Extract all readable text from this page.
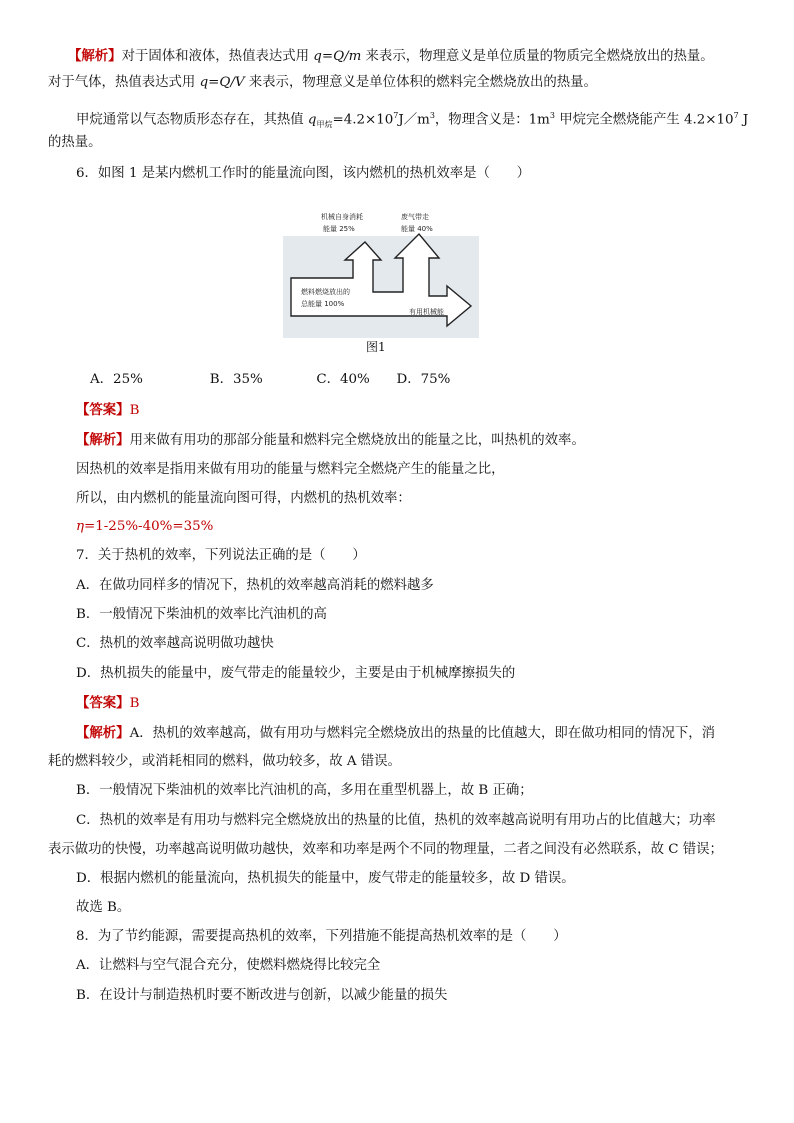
【解析】对于固体和液体，热值表达式用 q=Q/m 来表示，物理意义是单位质量的物质完全燃烧放出的热量。
对于气体，热值表达式用 q=Q/V 来表示，物理意义是单位体积的燃料完全燃烧放出的热量。
甲烷通常以气态物质形态存在，其热值 $q_{甲烷}=4.2\times 10^7J/m^3$，物理含义是：$1m^3$ 甲烷完全燃烧能产生 $4.2\times 10^7$ J
的热量。
6．如图 1 是某内燃机工作时的能量流向图，该内燃机的热机效率是（　　）
燃料燃烧放出的
总能量 100%
有用机械能
机械自身消耗
能量 25%
废气带走
能量 40%
图1
A．25%　　　　　B．35%　　　　C．40%　　D．75%
【答案】B
【解析】用来做有用功的那部分能量和燃料完全燃烧放出的能量之比，叫热机的效率。
因热机的效率是指用来做有用功的能量与燃料完全燃烧产生的能量之比，
所以，由内燃机的能量流向图可得，内燃机的热机效率：
η=1-25%-40%=35%
7．关于热机的效率，下列说法正确的是（　　）
A．在做功同样多的情况下，热机的效率越高消耗的燃料越多
B．一般情况下柴油机的效率比汽油机的高
C．热机的效率越高说明做功越快
D．热机损失的能量中，废气带走的能量较少，主要是由于机械摩擦损失的
【答案】B
【解析】A．热机的效率越高，做有用功与燃料完全燃烧放出的热量的比值越大，即在做功相同的情况下，消
耗的燃料较少，或消耗相同的燃料，做功较多，故 A 错误。
B．一般情况下柴油机的效率比汽油机的高，多用在重型机器上，故 B 正确；
C．热机的效率是有用功与燃料完全燃烧放出的热量的比值，热机的效率越高说明有用功占的比值越大；功率
表示做功的快慢，功率越高说明做功越快，效率和功率是两个不同的物理量，二者之间没有必然联系，故 C 错误；
D．根据内燃机的能量流向，热机损失的能量中，废气带走的能量较多，故 D 错误。
故选 B。
8．为了节约能源，需要提高热机的效率，下列措施不能提高热机效率的是（　　）
A．让燃料与空气混合充分，使燃料燃烧得比较完全
B．在设计与制造热机时要不断改进与创新，以减少能量的损失
